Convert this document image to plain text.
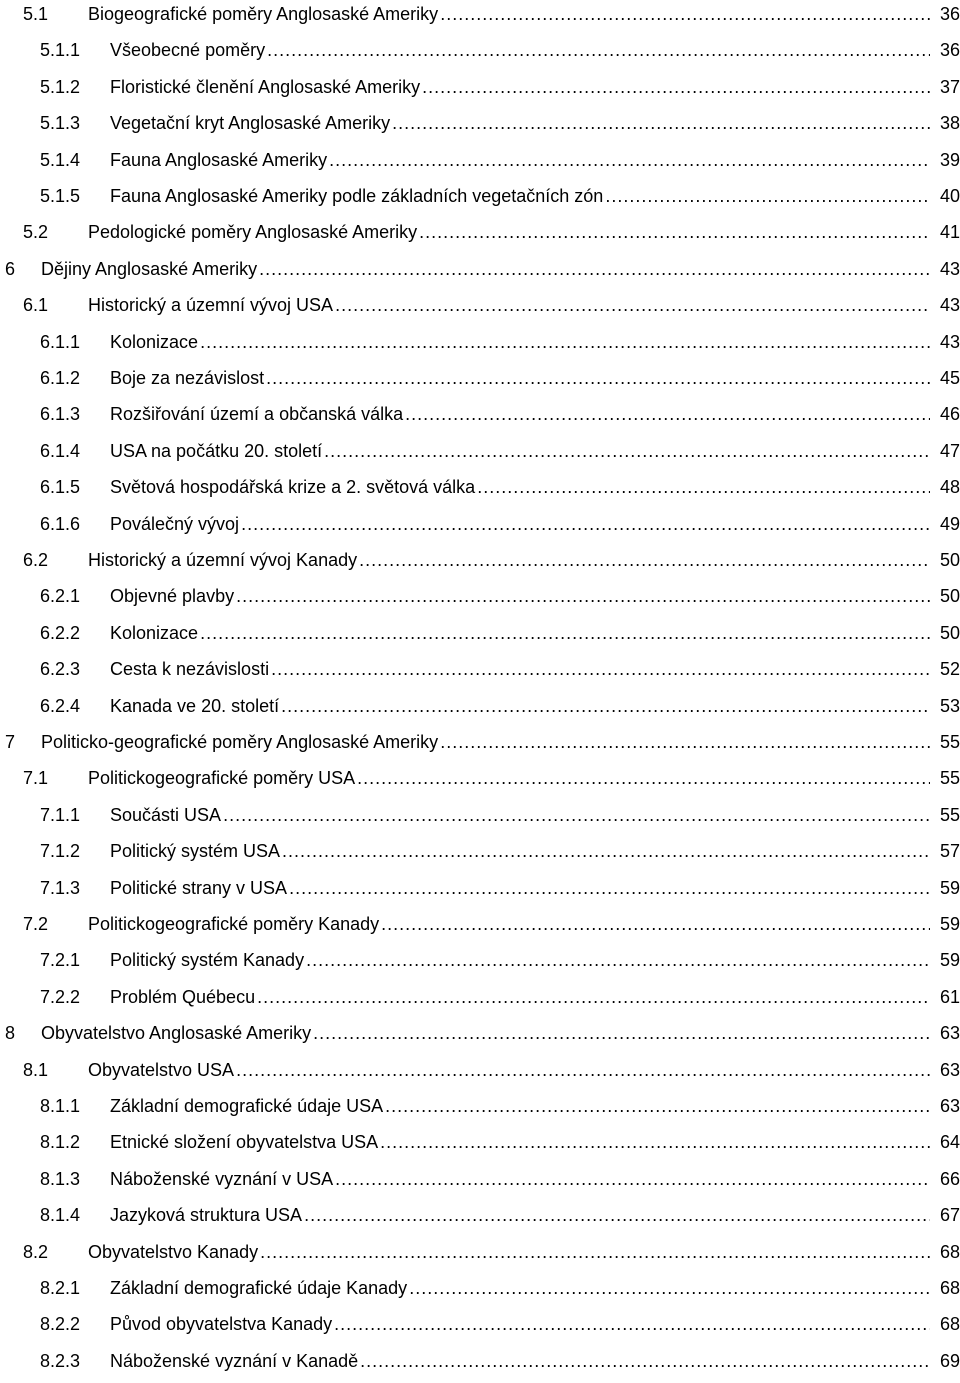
5.1 Biogeografické poměry Anglosaské Ameriky .....	36
5.1.1 Všeobecné poměry .....	36
5.1.2 Floristické členění Anglosaské Ameriky .....	37
5.1.3 Vegetační kryt Anglosaské Ameriky .....	38
5.1.4 Fauna Anglosaské Ameriky .....	39
5.1.5 Fauna Anglosaské Ameriky podle základních vegetačních zón .....	40
5.2 Pedologické poměry Anglosaské Ameriky .....	41
6 Dějiny Anglosaské Ameriky .....	43
6.1 Historický a územní vývoj USA .....	43
6.1.1 Kolonizace .....	43
6.1.2 Boje za nezávislost .....	45
6.1.3 Rozšiřování území a občanská válka .....	46
6.1.4 USA na počátku 20. století .....	47
6.1.5 Světová hospodářská krize a 2. světová válka .....	48
6.1.6 Poválečný vývoj .....	49
6.2 Historický a územní vývoj Kanady .....	50
6.2.1 Objevné plavby .....	50
6.2.2 Kolonizace .....	50
6.2.3 Cesta k nezávislosti .....	52
6.2.4 Kanada ve 20. století .....	53
7 Politicko-geografické poměry Anglosaské Ameriky .....	55
7.1 Politickogeografické poměry USA .....	55
7.1.1 Součásti USA .....	55
7.1.2 Politický systém USA .....	57
7.1.3 Politické strany v USA .....	59
7.2 Politickogeografické poměry Kanady .....	59
7.2.1 Politický systém Kanady .....	59
7.2.2 Problém Québecu .....	61
8 Obyvatelstvo Anglosaské Ameriky .....	63
8.1 Obyvatelstvo USA .....	63
8.1.1 Základní demografické údaje USA .....	63
8.1.2 Etnické složení obyvatelstva USA .....	64
8.1.3 Náboženské vyznání v USA .....	66
8.1.4 Jazyková struktura USA .....	67
8.2 Obyvatelstvo Kanady .....	68
8.2.1 Základní demografické údaje Kanady .....	68
8.2.2 Původ obyvatelstva Kanady .....	68
8.2.3 Náboženské vyznání v Kanadě .....	69
